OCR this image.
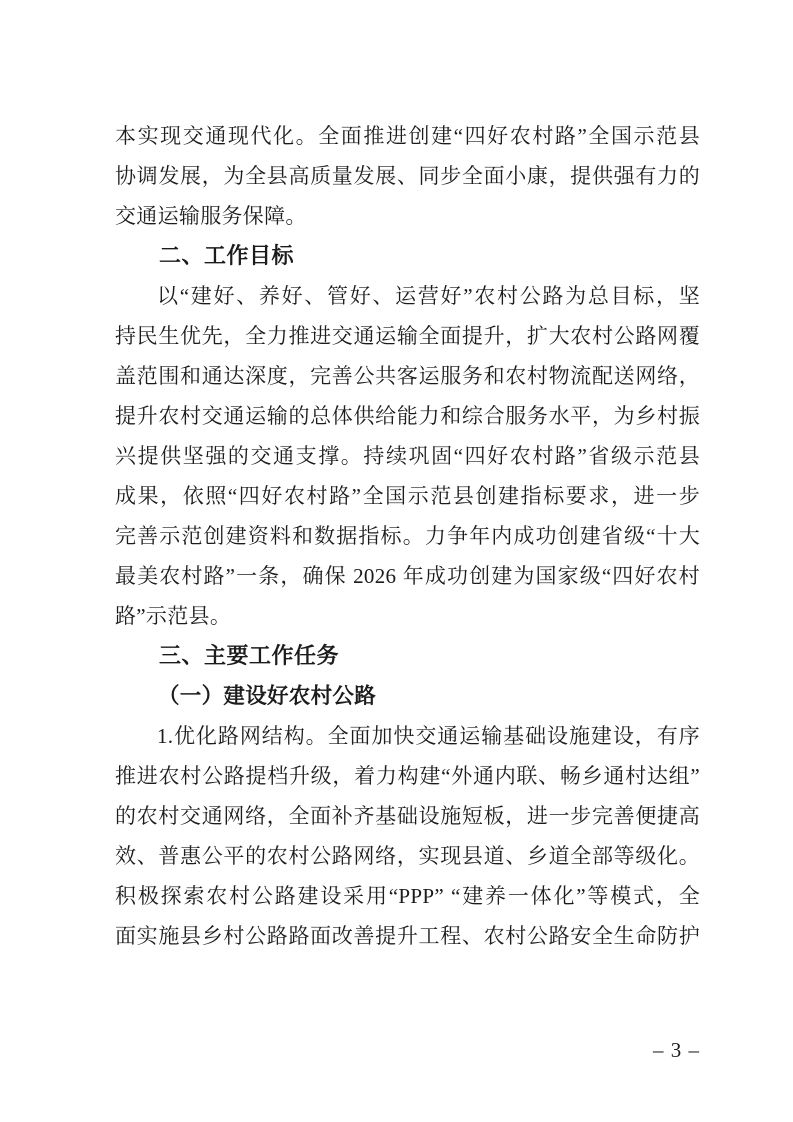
本实现交通现代化。全面推进创建“四好农村路”全国示范县
协调发展，为全县高质量发展、同步全面小康，提供强有力的
交通运输服务保障。
二、工作目标
以“建好、养好、管好、运营好”农村公路为总目标，坚
持民生优先，全力推进交通运输全面提升，扩大农村公路网覆
盖范围和通达深度，完善公共客运服务和农村物流配送网络，
提升农村交通运输的总体供给能力和综合服务水平，为乡村振
兴提供坚强的交通支撑。持续巩固“四好农村路”省级示范县
成果，依照“四好农村路”全国示范县创建指标要求，进一步
完善示范创建资料和数据指标。力争年内成功创建省级“十大
最美农村路”一条，确保 2026 年成功创建为国家级“四好农村
路”示范县。
三、主要工作任务
（一）建设好农村公路
1.优化路网结构。全面加快交通运输基础设施建设，有序
推进农村公路提档升级，着力构建“外通内联、畅乡通村达组”
的农村交通网络，全面补齐基础设施短板，进一步完善便捷高
效、普惠公平的农村公路网络，实现县道、乡道全部等级化。
积极探索农村公路建设采用“PPP” “建养一体化”等模式，全
面实施县乡村公路路面改善提升工程、农村公路安全生命防护
– 3 –
